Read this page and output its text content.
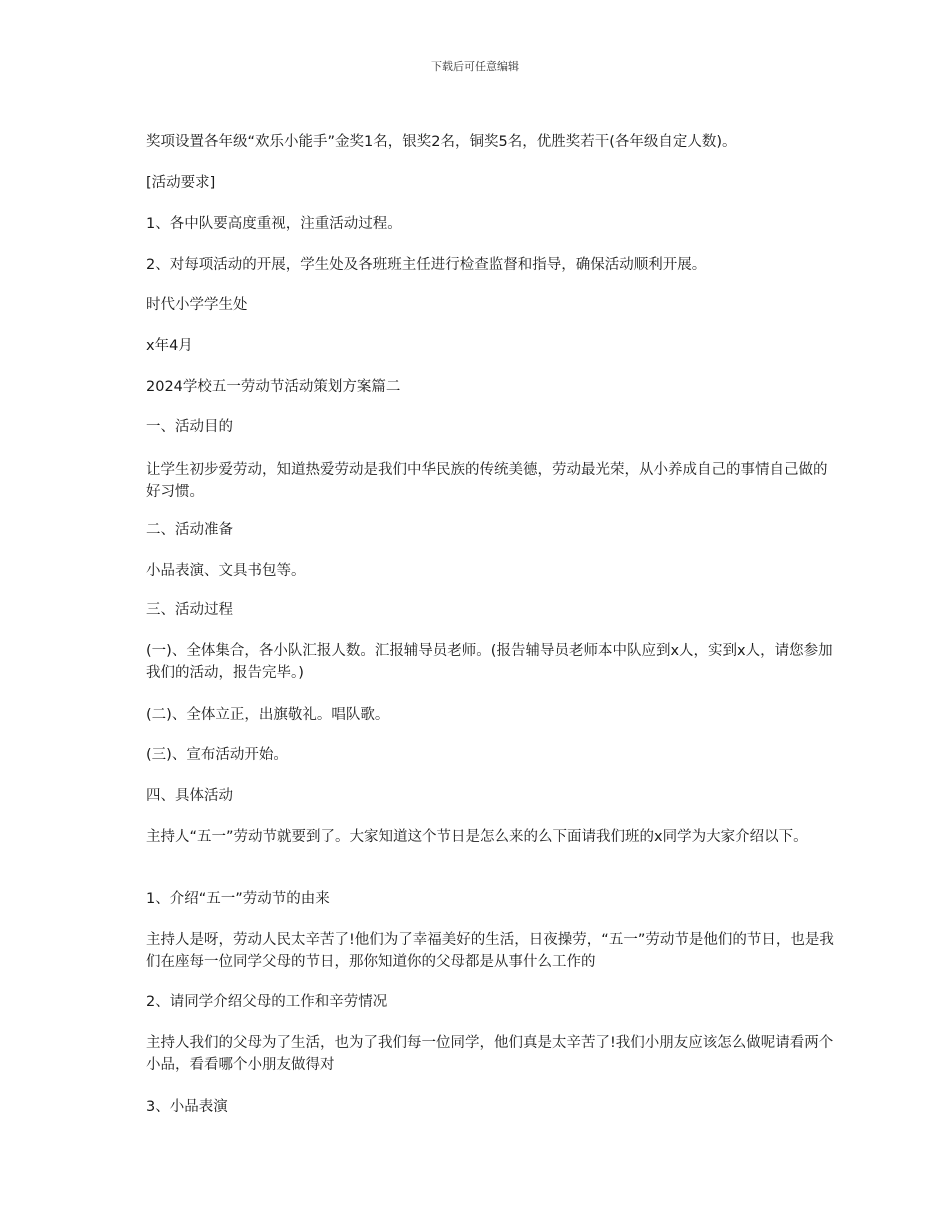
下载后可任意编辑
奖项设置各年级“欢乐小能手”金奖1名，银奖2名，铜奖5名，优胜奖若干(各年级自定人数)。
[活动要求]
1、各中队要高度重视，注重活动过程。
2、对每项活动的开展，学生处及各班班主任进行检查监督和指导，确保活动顺利开展。
时代小学学生处
x年4月
2024学校五一劳动节活动策划方案篇二
一、活动目的
让学生初步爱劳动，知道热爱劳动是我们中华民族的传统美德，劳动最光荣，从小养成自己的事情自己做的好习惯。
二、活动准备
小品表演、文具书包等。
三、活动过程
(一)、全体集合，各小队汇报人数。汇报辅导员老师。(报告辅导员老师本中队应到x人，实到x人，请您参加我们的活动，报告完毕。)
(二)、全体立正，出旗敬礼。唱队歌。
(三)、宣布活动开始。
四、具体活动
主持人“五一”劳动节就要到了。大家知道这个节日是怎么来的么下面请我们班的x同学为大家介绍以下。
1、介绍“五一”劳动节的由来
主持人是呀，劳动人民太辛苦了!他们为了幸福美好的生活，日夜操劳，“五一”劳动节是他们的节日，也是我们在座每一位同学父母的节日，那你知道你的父母都是从事什么工作的
2、请同学介绍父母的工作和辛劳情况
主持人我们的父母为了生活，也为了我们每一位同学，他们真是太辛苦了!我们小朋友应该怎么做呢请看两个小品，看看哪个小朋友做得对
3、小品表演
